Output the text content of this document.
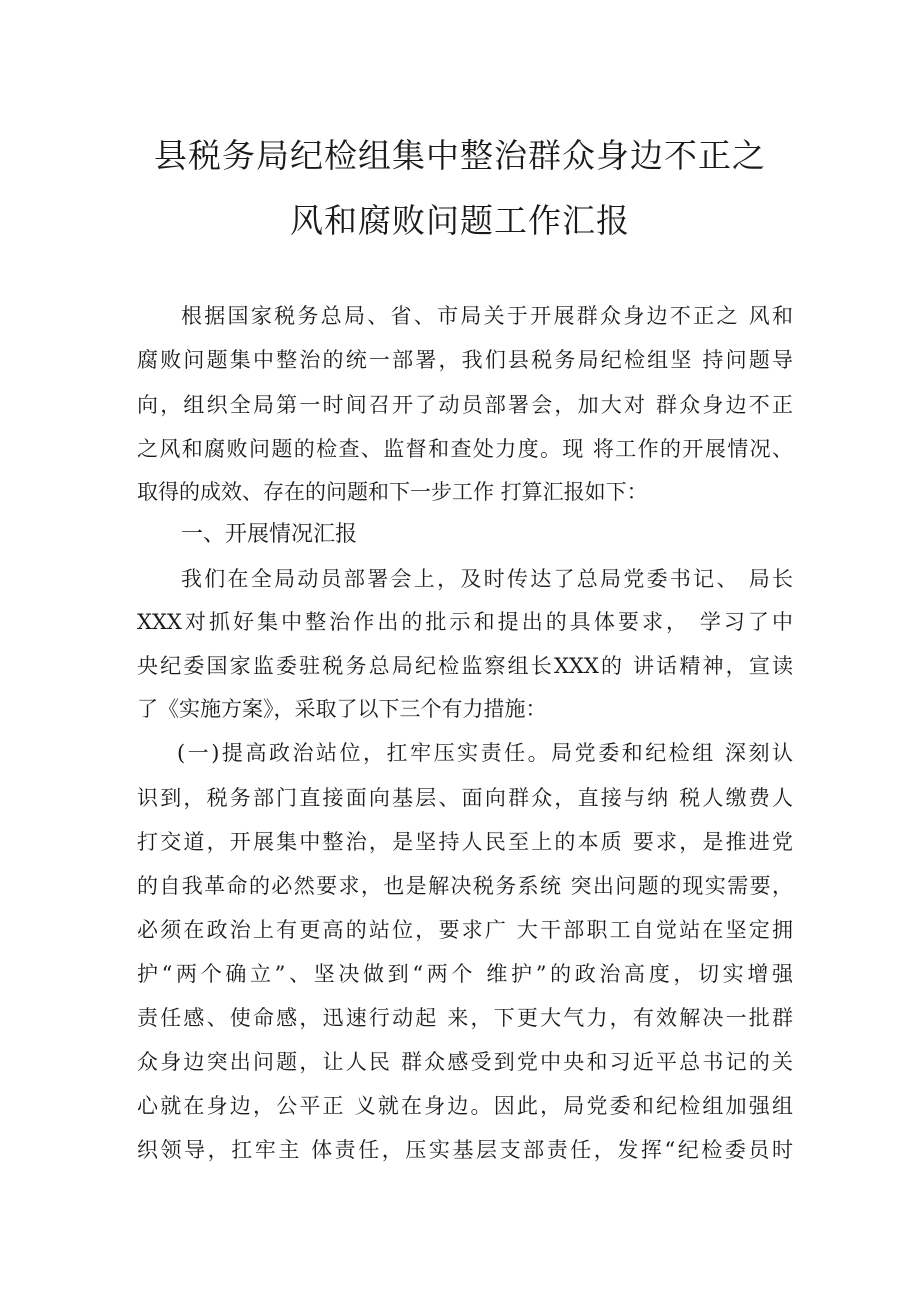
县税务局纪检组集中整治群众身边不正之
风和腐败问题工作汇报
根据国家税务总局、省、市局关于开展群众身边不正之 风和
腐败问题集中整治的统一部署，我们县税务局纪检组坚 持问题导
向，组织全局第一时间召开了动员部署会，加大对 群众身边不正
之风和腐败问题的检查、监督和查处力度。现 将工作的开展情况、
取得的成效、存在的问题和下一步工作 打算汇报如下：
一、开展情况汇报
我们在全局动员部署会上，及时传达了总局党委书记、 局长
XXX对抓好集中整治作出的批示和提出的具体要求， 学习了中
央纪委国家监委驻税务总局纪检监察组长XXX的 讲话精神，宣读
了《实施方案》，采取了以下三个有力措施：
(一)提高政治站位，扛牢压实责任。局党委和纪检组 深刻认
识到，税务部门直接面向基层、面向群众，直接与纳 税人缴费人
打交道，开展集中整治，是坚持人民至上的本质 要求，是推进党
的自我革命的必然要求，也是解决税务系统 突出问题的现实需要，
必须在政治上有更高的站位，要求广 大干部职工自觉站在坚定拥
护“两个确立”、坚决做到“两个 维护”的政治高度，切实增强
责任感、使命感，迅速行动起 来，下更大气力，有效解决一批群
众身边突出问题，让人民 群众感受到党中央和习近平总书记的关
心就在身边，公平正 义就在身边。因此，局党委和纪检组加强组
织领导，扛牢主 体责任，压实基层支部责任，发挥“纪检委员时
